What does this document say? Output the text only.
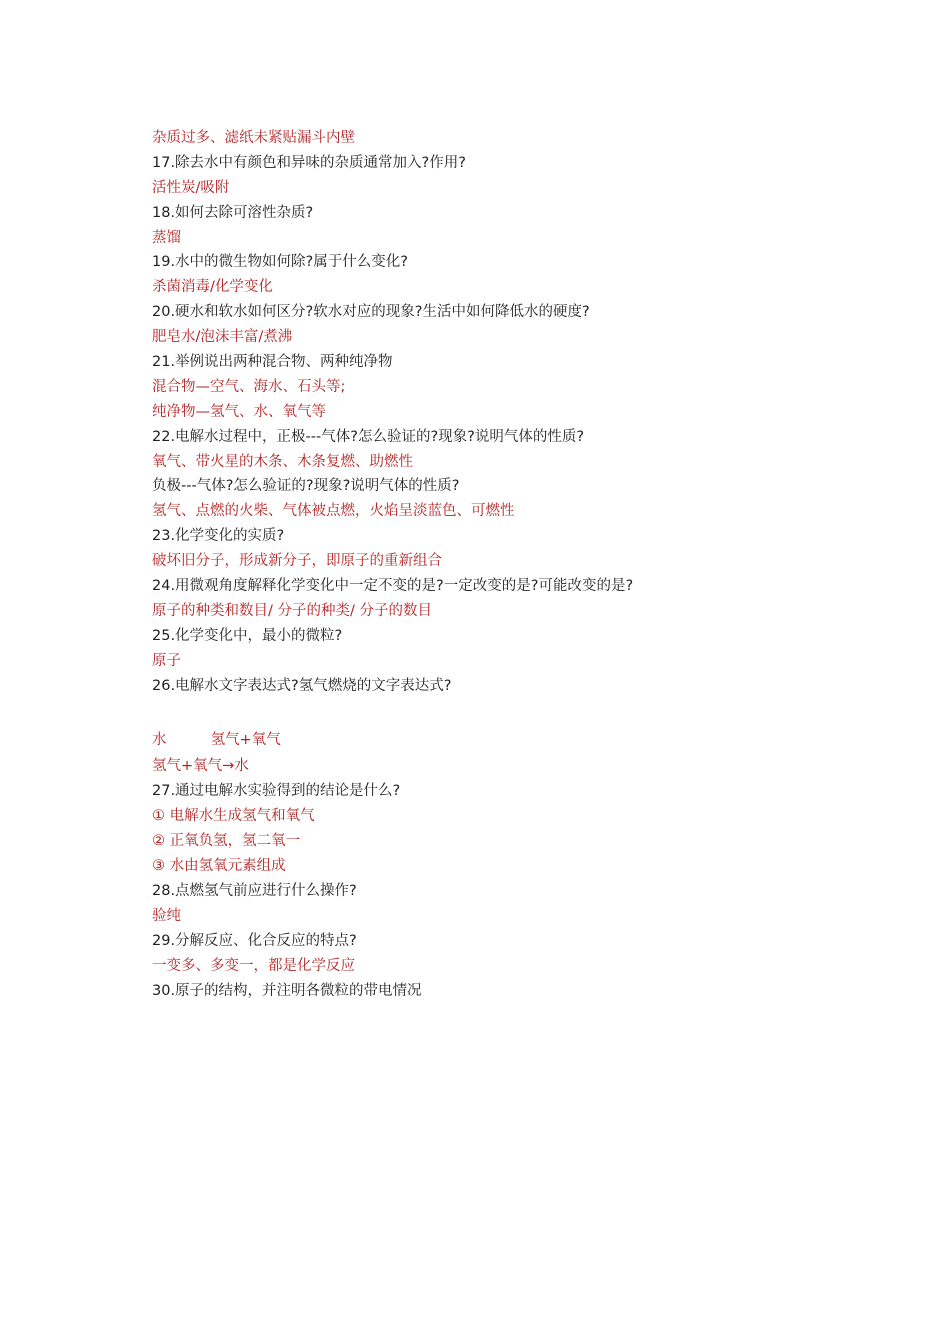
杂质过多、滤纸未紧贴漏斗内壁
17.除去水中有颜色和异味的杂质通常加入?作用?
活性炭/吸附
18.如何去除可溶性杂质?
蒸馏
19.水中的微生物如何除?属于什么变化?
杀菌消毒/化学变化
20.硬水和软水如何区分?软水对应的现象?生活中如何降低水的硬度?
肥皂水/泡沫丰富/煮沸
21.举例说出两种混合物、两种纯净物
混合物—空气、海水、石头等;
纯净物—氢气、水、氧气等
22.电解水过程中，正极---气体?怎么验证的?现象?说明气体的性质?
氧气、带火星的木条、木条复燃、助燃性
负极---气体?怎么验证的?现象?说明气体的性质?
氢气、点燃的火柴、气体被点燃，火焰呈淡蓝色、可燃性
23.化学变化的实质?
破坏旧分子，形成新分子，即原子的重新组合
24.用微观角度解释化学变化中一定不变的是?一定改变的是?可能改变的是?
原子的种类和数目/ 分子的种类/ 分子的数目
25.化学变化中，最小的微粒?
原子
26.电解水文字表达式?氢气燃烧的文字表达式?
水	氢气+氧气
氢气+氧气→水
27.通过电解水实验得到的结论是什么?
① 电解水生成氢气和氧气
② 正氧负氢，氢二氧一
③ 水由氢氧元素组成
28.点燃氢气前应进行什么操作?
验纯
29.分解反应、化合反应的特点?
一变多、多变一，都是化学反应
30.原子的结构，并注明各微粒的带电情况
